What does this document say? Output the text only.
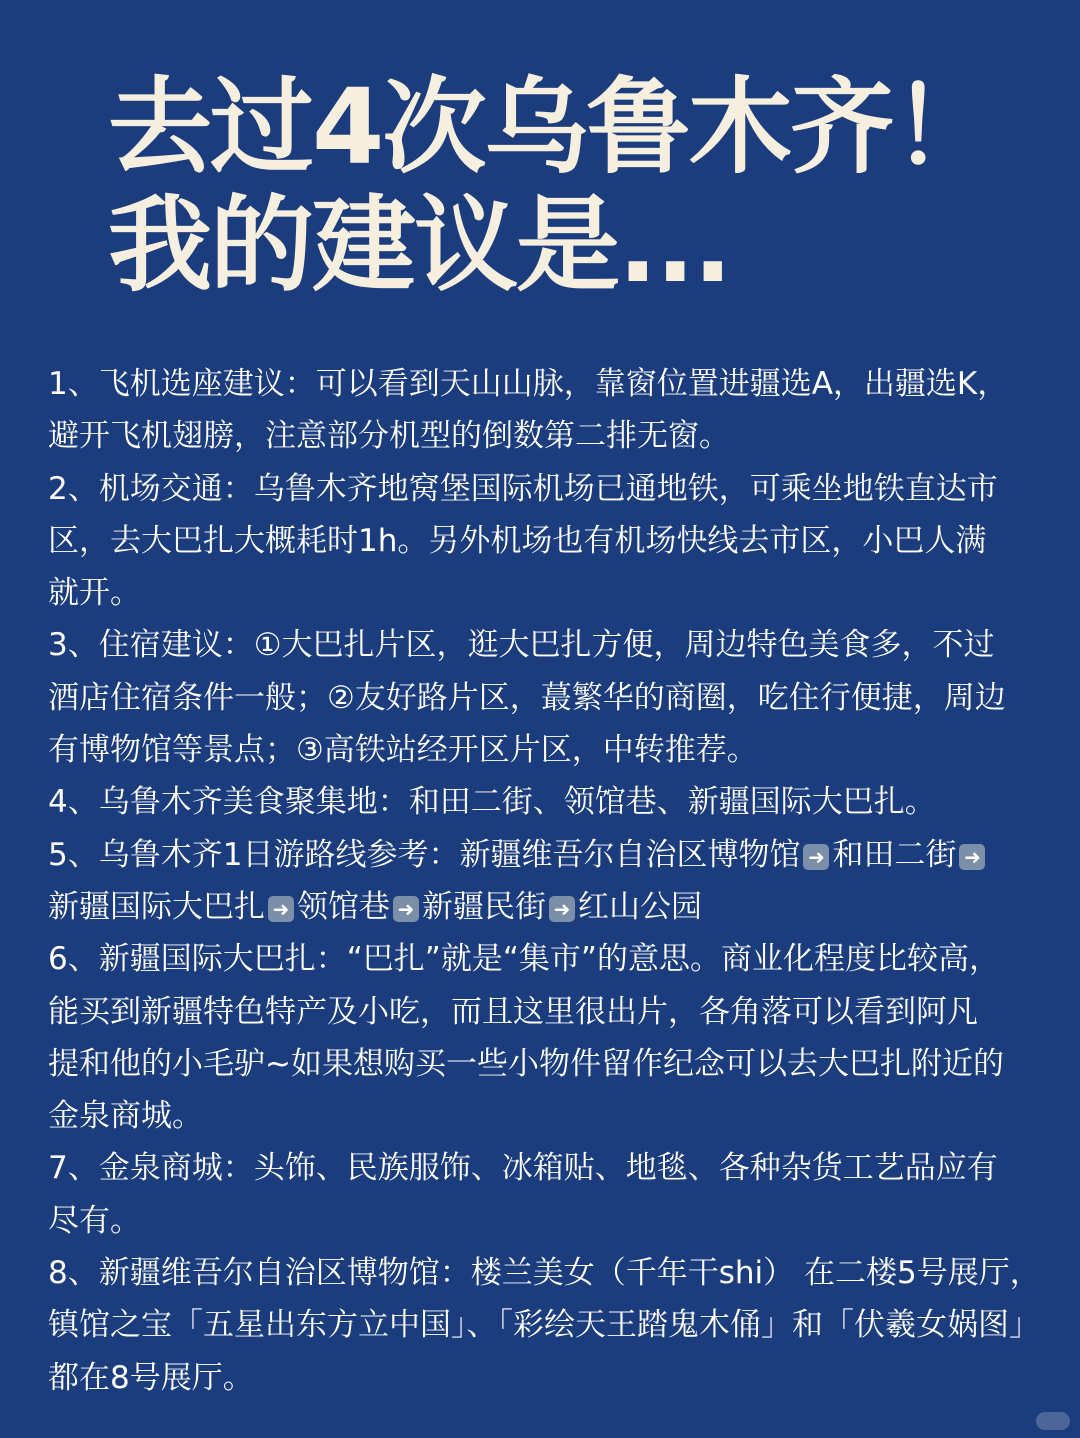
去过4次乌鲁木齐！
我的建议是...

1、飞机选座建议：可以看到天山山脉，靠窗位置进疆选A，出疆选K，
避开飞机翅膀，注意部分机型的倒数第二排无窗。

2、机场交通：乌鲁木齐地窝堡国际机场已通地铁，可乘坐地铁直达市
区，去大巴扎大概耗时1h。另外机场也有机场快线去市区，小巴人满
就开。

3、住宿建议：①大巴扎片区，逛大巴扎方便，周边特色美食多，不过
酒店住宿条件一般；②友好路片区，蕞繁华的商圈，吃住行便捷，周边
有博物馆等景点；③高铁站经开区片区，中转推荐。

4、乌鲁木齐美食聚集地：和田二街、领馆巷、新疆国际大巴扎。

5、乌鲁木齐1日游路线参考：新疆维吾尔自治区博物馆 ➜ 和田二街 ➜
新疆国际大巴扎 ➜ 领馆巷 ➜ 新疆民街 ➜ 红山公园

6、新疆国际大巴扎：“巴扎”就是“集市”的意思。商业化程度比较高，
能买到新疆特色特产及小吃，而且这里很出片，各角落可以看到阿凡
提和他的小毛驴~如果想购买一些小物件留作纪念可以去大巴扎附近的
金泉商城。

7、金泉商城：头饰、民族服饰、冰箱贴、地毯、各种杂货工艺品应有
尽有。

8、新疆维吾尔自治区博物馆：楼兰美女（千年干shi） 在二楼5号展厅，
镇馆之宝「五星出东方立中国」、「彩绘天王踏鬼木俑」和「伏羲女娲图」
都在8号展厅。
